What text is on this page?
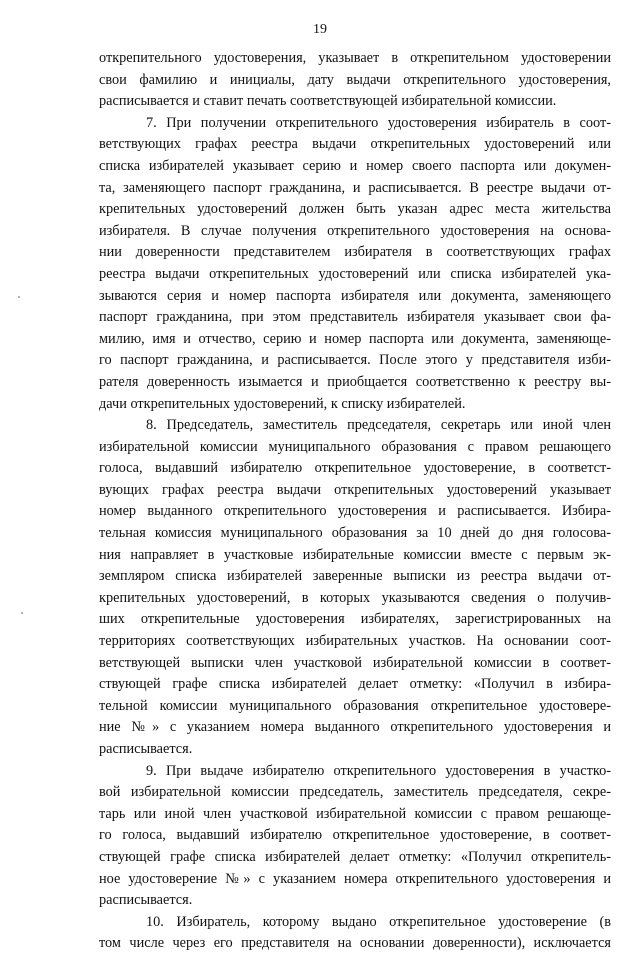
19
открепительного удостоверения, указывает в открепительном удостоверении
свои фамилию и инициалы, дату выдачи открепительного удостоверения,
расписывается и ставит печать соответствующей избирательной комиссии.
7. При получении открепительного удостоверения избиратель в соот-
ветствующих графах реестра выдачи открепительных удостоверений или
списка избирателей указывает серию и номер своего паспорта или докумен-
та, заменяющего паспорт гражданина, и расписывается. В реестре выдачи от-
крепительных удостоверений должен быть указан адрес места жительства
избирателя. В случае получения открепительного удостоверения на основа-
нии доверенности представителем избирателя в соответствующих графах
реестра выдачи открепительных удостоверений или списка избирателей ука-
зываются серия и номер паспорта избирателя или документа, заменяющего
паспорт гражданина, при этом представитель избирателя указывает свои фа-
милию, имя и отчество, серию и номер паспорта или документа, заменяюще-
го паспорт гражданина, и расписывается. После этого у представителя изби-
рателя доверенность изымается и приобщается соответственно к реестру вы-
дачи открепительных удостоверений, к списку избирателей.
8. Председатель, заместитель председателя, секретарь или иной член
избирательной комиссии муниципального образования с правом решающего
голоса, выдавший избирателю открепительное удостоверение, в соответст-
вующих графах реестра выдачи открепительных удостоверений указывает
номер выданного открепительного удостоверения и расписывается. Избира-
тельная комиссия муниципального образования за 10 дней до дня голосова-
ния направляет в участковые избирательные комиссии вместе с первым эк-
земпляром списка избирателей заверенные выписки из реестра выдачи от-
крепительных удостоверений, в которых указываются сведения о получив-
ших открепительные удостоверения избирателях, зарегистрированных на
территориях соответствующих избирательных участков. На основании соот-
ветствующей выписки член участковой избирательной комиссии в соответ-
ствующей графе списка избирателей делает отметку: «Получил в избира-
тельной комиссии муниципального образования открепительное удостовере-
ние №» с указанием номера выданного открепительного удостоверения и
расписывается.
9. При выдаче избирателю открепительного удостоверения в участко-
вой избирательной комиссии председатель, заместитель председателя, секре-
тарь или иной член участковой избирательной комиссии с правом решающе-
го голоса, выдавший избирателю открепительное удостоверение, в соответ-
ствующей графе списка избирателей делает отметку: «Получил открепитель-
ное удостоверение №» с указанием номера открепительного удостоверения и
расписывается.
10. Избиратель, которому выдано открепительное удостоверение (в
том числе через его представителя на основании доверенности), исключается
